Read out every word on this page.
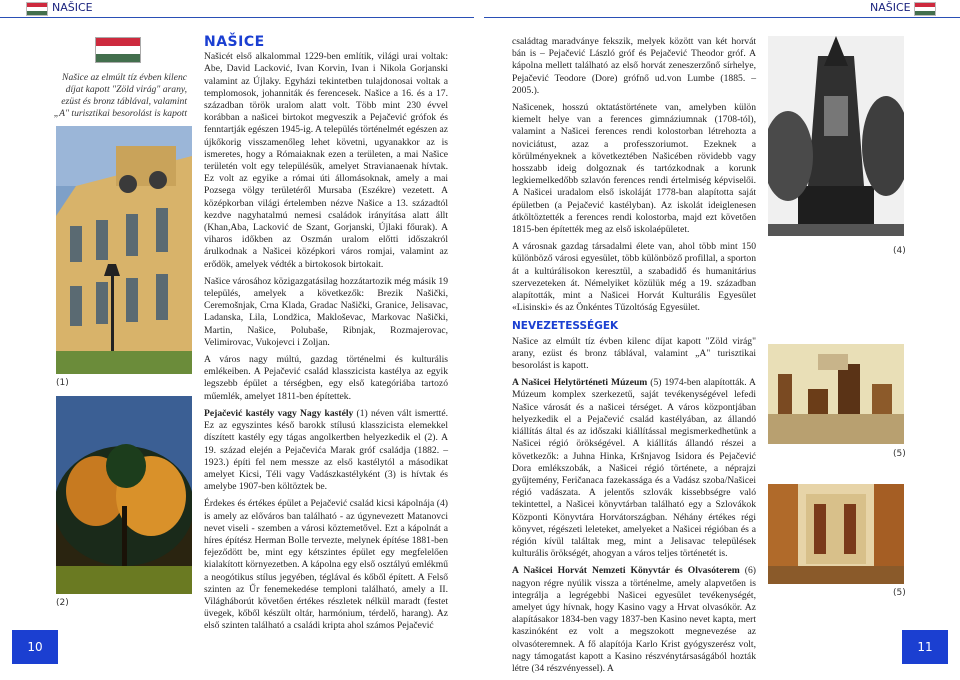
NAŠICE	NAŠICE
Našice az elmúlt tíz évben kilenc díjat kapott "Zöld virág" arany, ezüst és bronz táblával, valamint „A" turisztikai besorolást is kapott
(1)
(2)
NAŠICE

Našicét első alkalommal 1229-ben említik, világi urai voltak: Abe, David Lacković, Ivan Korvin, Ivan i Nikola Gorjanski valamint az Újlaky. Egyházi tekintetben tulajdonosai voltak a templomosok, johanniták és ferencesek. Našice a 16. és a 17. században török uralom alatt volt. Több mint 230 évvel korábban a našicei birtokot megveszik a Pejačević grófok és fenntartják egészen 1945-ig. A település történelmét egészen az újkőkorig visszamenőleg lehet követni, ugyanakkor az is ismeretes, hogy a Rómaiaknak ezen a területen, a mai Našice területén volt egy településük, amelyet Stravianaenak hívtak. Ez volt az egyike a római úti állomásoknak, amely a mai Pozsega völgy területéről Mursaba (Eszékre) vezetett. A középkorban világi értelemben nézve Našice a 13. századtól kezdve nagyhatalmú nemesi családok irányítása alatt állt (Khan,Aba, Lacković de Szant, Gorjanski, Újlaki főurak). A viharos időkben az Oszmán uralom előtti időszakról árulkodnak a Našicei középkori város romjai, valamint az erődök, amelyek védték a birtokosok birtokait.

Našice városához közigazgatásilag hozzátartozik még másik 19 település, amelyek a következők: Brezik Našički, Ceremošnjak, Crna Klada, Gradac Našički, Granice, Jelisavac, Ladanska, Lila, Londžica, Makloševac, Markovac Našički, Martin, Našice, Polubaše, Ribnjak, Rozmajerovac, Velimirovac, Vukojevci i Zoljan.

A város nagy múltú, gazdag történelmi és kulturális emlékeiben. A Pejačević család klasszicista kastélya az egyik legszebb épület a térségben, egy első kategóriába tartozó műemlék, amelyet 1811-ben építettek.

Pejačević kastély vagy Nagy kastély (1) néven vált ismertté. Ez az egyszintes késő barokk stílusú klasszicista elemekkel díszített kastély egy tágas angolkertben helyezkedik el (2). A 19. század elején a Pejačevića Marak gróf családja (1882. – 1923.) építi fel nem messze az első kastélytól a másodikat amelyet Kicsi, Téli vagy Vadászkastélyként (3) is hívtak és amelybe 1907-ben költöztek be.

Érdekes és értékes épület a Pejačević család kicsi kápolnája (4) is amely az előváros ban található - az úgynevezett Matanovci nevet viseli - szemben a városi köztemetővel. Ezt a kápolnát a híres építész Herman Bolle tervezte, melynek építése 1881-ben fejeződött be, mint egy kétszintes épület egy megfelelően kialakított környezetben. A kápolna egy első osztályú emlékmű a neogótikus stílus jegyében, téglával és kőből épített. A Felső szinten az Űr fenemekedése temploni található, amely a II. Világháborút követően értékes részletek nélkül maradt (festet üvegek, kőből készült oltár, harmónium, térdelő, harang). Az első szinten található a családi kripta ahol számos Pejačević

családtag maradványe fekszik, melyek között van két horvát bán is – Pejačević László gróf és Pejačević Theodor gróf. A kápolna mellett található az első horvát zeneszerzőnő sírhelye, Pejačević Teodore (Dore) grófnő ud.von Lumbe (1885. – 2005.).

Našicenek, hosszú oktatástörténete van, amelyben külön kiemelt helye van a ferences gimnáziumnak (1708-tól), valamint a Našicei ferences rendi kolostorban létrehozta a noviciátust, azaz a professzoriumot. Ezeknek a körülményeknek a következtében Našicében rövidebb vagy hosszabb ideig dolgoznak és tartózkodnak a korunk legkiemelkedőbb szlavón ferences rendi értelmiség képviselői. A Našicei uradalom első iskoláját 1778-ban alapította saját épületben (a Pejačević kastélyban). Az iskolát ideiglenesen átköltöztették a ferences rendi kolostorba, majd ezt követően 1815-ben építették meg az első iskolaépületet.

A városnak gazdag társadalmi élete van, ahol több mint 150 különböző városi egyesület, több különböző profillal, a sporton át a kultúrálisokon keresztül, a szabadidő és humanitárius szervezeteken át. Némelyiket közülük még a 19. században alapították, mint a Našicei Horvát Kulturális Egyesület «Lisinski» és az Önkéntes Tűzoltóság Egyesület.

NEVEZETESSÉGEK

Našice az elmúlt tíz évben kilenc díjat kapott "Zöld virág" arany, ezüst és bronz táblával, valamint „A" turisztikai besorolást is kapott.

A Našicei Helytörténeti Múzeum (5) 1974-ben alapították. A Múzeum komplex szerkezetű, saját tevékenységével lefedi Našice városát és a našicei térséget. A város központjában helyezkedik el a Pejačević család kastélyában, az állandó kiállítás által és az időszaki kiállítással megismerkedhetünk a Našicei régió örökségével. A kiállítás állandó részei a következők: a Juhna Hinka, Kršnjavog Isidora és Pejačević Dora emlékszobák, a Našicei régió története, a néprajzi gyűjtemény, Feričanaca fazekassága és a Vadász szoba/Našicei régió vadászata. A jelentős szlovák kissebbségre való tekintettel, a Našicei könyvtárban található egy a Szlovákok Központi Könyvtára Horvátországban. Néhány értékes régi könyvet, régészeti leleteket, amelyeket a Našicei régióban és a régión kívül találtak meg, mint a Jelisavac települések kulturális örökségét, ahogyan a város teljes történetét is.

A Našicei Horvát Nemzeti Könyvtár és Olvasóterem (6) nagyon régre nyúlik vissza a történelme, amely alapvetően is integrálja a legrégebbi Našicei egyesület tevékenységét, amelyet úgy hívnak, hogy Kasino vagy a Hrvat olvasókör. Az alapításakor 1834-ben vagy 1837-ben Kasino nevet kapta, mert kaszinóként ez volt a megszokott megnevezése az olvasóteremnek. A fő alapítója Karlo Krist gyógyszerész volt, nagy támogatást kapott a Kasino részvénytársaságából hozták létre (34 részvényessel). A

(4)
(5)
(5)
10	11
